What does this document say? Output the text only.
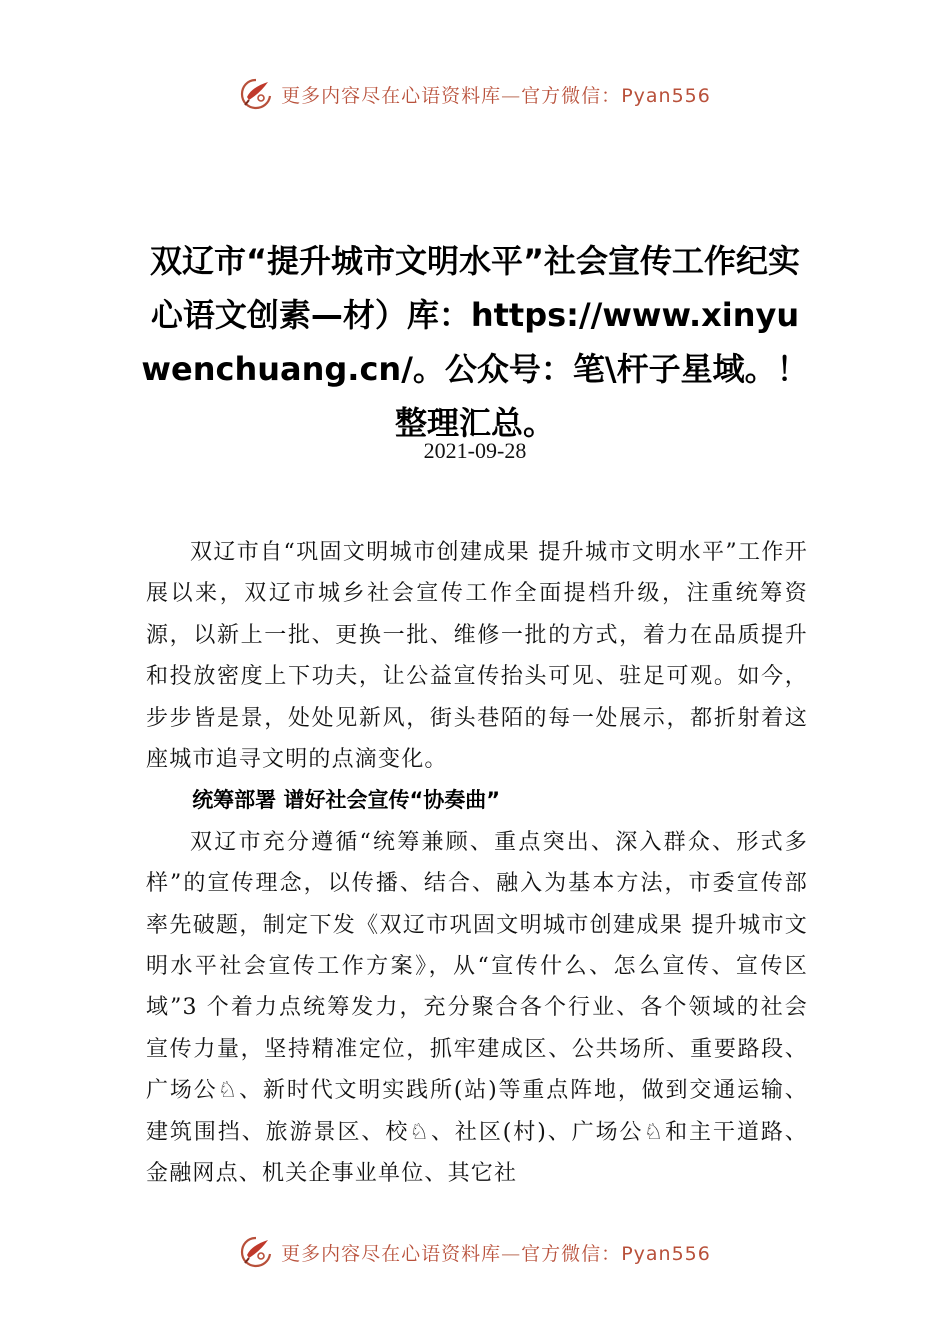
更多内容尽在心语资料库—官方微信：Pyan556
双辽市“提升城市文明水平”社会宣传工作纪实心语文创素—材）库：https://www.xinyuwenchuang.cn/。公众号：笔\杆子星域。！ 整理汇总。
2021-09-28

双辽市自“巩固文明城市创建成果 提升城市文明水平”工作开展以来，双辽市城乡社会宣传工作全面提档升级，注重统筹资源，以新上一批、更换一批、维修一批的方式，着力在品质提升和投放密度上下功夫，让公益宣传抬头可见、驻足可观。如今，步步皆是景，处处见新风，街头巷陌的每一处展示，都折射着这座城市追寻文明的点滴变化。

统筹部署 谱好社会宣传“协奏曲”

双辽市充分遵循“统筹兼顾、重点突出、深入群众、形式多样”的宣传理念，以传播、结合、融入为基本方法，市委宣传部率先破题，制定下发《双辽市巩固文明城市创建成果 提升城市文明水平社会宣传工作方案》，从“宣传什么、怎么宣传、宣传区域”3 个着力点统筹发力，充分聚合各个行业、各个领域的社会宣传力量，坚持精准定位，抓牢建成区、公共场所、重要路段、广场公♘、新时代文明实践所(站)等重点阵地，做到交通运输、建筑围挡、旅游景区、校♘、社区(村)、广场公♘和主干道路、金融网点、机关企事业单位、其它社

更多内容尽在心语资料库—官方微信：Pyan556
